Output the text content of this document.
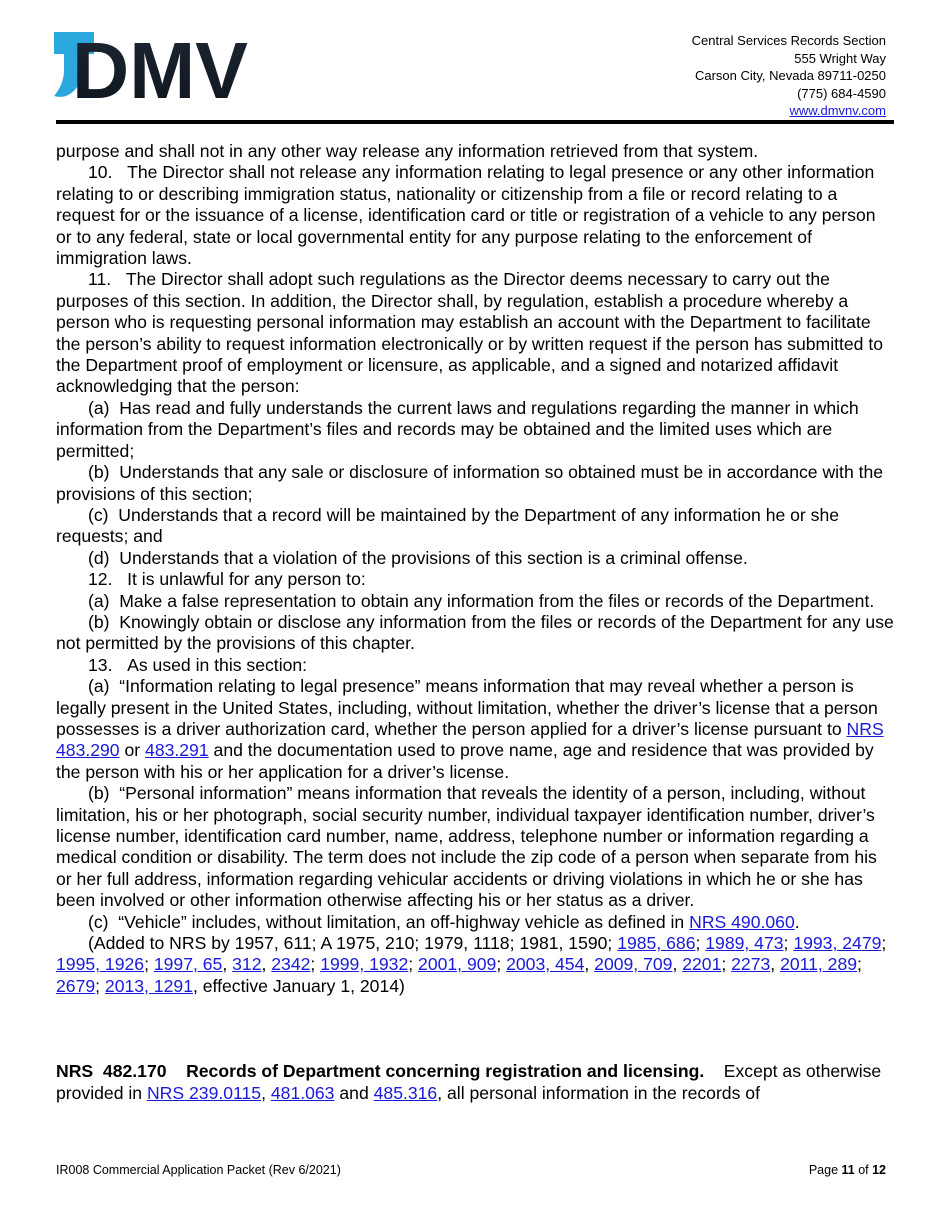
DMV	Central Services Records Section
555 Wright Way
Carson City, Nevada 89711-0250
(775) 684-4590
www.dmvnv.com

purpose and shall not in any other way release any information retrieved from that system.

10.   The Director shall not release any information relating to legal presence or any other information relating to or describing immigration status, nationality or citizenship from a file or record relating to a request for or the issuance of a license, identification card or title or registration of a vehicle to any person or to any federal, state or local governmental entity for any purpose relating to the enforcement of immigration laws.

11.   The Director shall adopt such regulations as the Director deems necessary to carry out the purposes of this section. In addition, the Director shall, by regulation, establish a procedure whereby a person who is requesting personal information may establish an account with the Department to facilitate the person’s ability to request information electronically or by written request if the person has submitted to the Department proof of employment or licensure, as applicable, and a signed and notarized affidavit acknowledging that the person:

(a)  Has read and fully understands the current laws and regulations regarding the manner in which information from the Department’s files and records may be obtained and the limited uses which are permitted;

(b)  Understands that any sale or disclosure of information so obtained must be in accordance with the provisions of this section;

(c)  Understands that a record will be maintained by the Department of any information he or she requests; and

(d)  Understands that a violation of the provisions of this section is a criminal offense.

12.   It is unlawful for any person to:

(a)  Make a false representation to obtain any information from the files or records of the Department.

(b)  Knowingly obtain or disclose any information from the files or records of the Department for any use not permitted by the provisions of this chapter.

13.   As used in this section:

(a)  “Information relating to legal presence” means information that may reveal whether a person is legally present in the United States, including, without limitation, whether the driver’s license that a person possesses is a driver authorization card, whether the person applied for a driver’s license pursuant to NRS 483.290 or 483.291 and the documentation used to prove name, age and residence that was provided by the person with his or her application for a driver’s license.

(b)  “Personal information” means information that reveals the identity of a person, including, without limitation, his or her photograph, social security number, individual taxpayer identification number, driver’s license number, identification card number, name, address, telephone number or information regarding a medical condition or disability. The term does not include the zip code of a person when separate from his or her full address, information regarding vehicular accidents or driving violations in which he or she has been involved or other information otherwise affecting his or her status as a driver.

(c)  “Vehicle” includes, without limitation, an off-highway vehicle as defined in NRS 490.060.

(Added to NRS by 1957, 611; A 1975, 210; 1979, 1118; 1981, 1590; 1985, 686; 1989, 473; 1993, 2479; 1995, 1926; 1997, 65, 312, 2342; 1999, 1932; 2001, 909; 2003, 454, 2009, 709, 2201; 2273, 2011, 289; 2679; 2013, 1291, effective January 1, 2014)

NRS  482.170    Records of Department concerning registration and licensing.    Except as otherwise provided in NRS 239.0115, 481.063 and 485.316, all personal information in the records of

IR008 Commercial Application Packet (Rev 6/2021)	Page 11 of 12
